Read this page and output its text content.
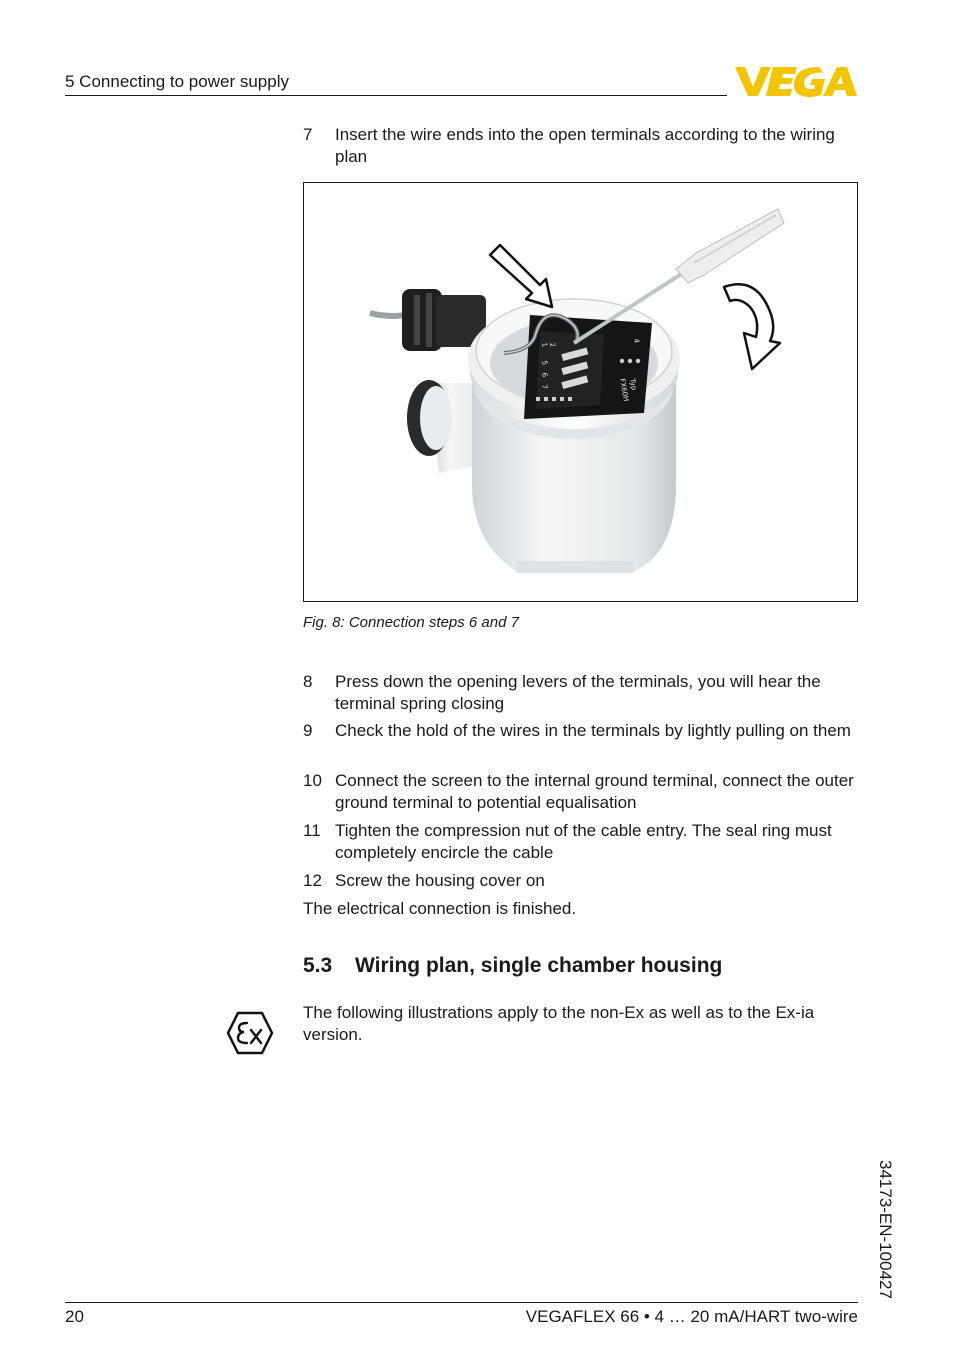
5 Connecting to power supply
7	Insert the wire ends into the open terminals according to the wiring plan
1 2
5
6
7
4
Typ
FX60H
Fig. 8: Connection steps 6 and 7
8	Press down the opening levers of the terminals, you will hear the terminal spring closing
9	Check the hold of the wires in the terminals by lightly pulling on them
10 Connect the screen to the internal ground terminal, connect the outer ground terminal to potential equalisation
11 Tighten the compression nut of the cable entry. The seal ring must completely encircle the cable
12 Screw the housing cover on
The electrical connection is finished.
5.3 Wiring plan, single chamber housing
The following illustrations apply to the non-Ex as well as to the Ex-ia version.
34173-EN-100427
20	VEGAFLEX 66 • 4 … 20 mA/HART two-wire
